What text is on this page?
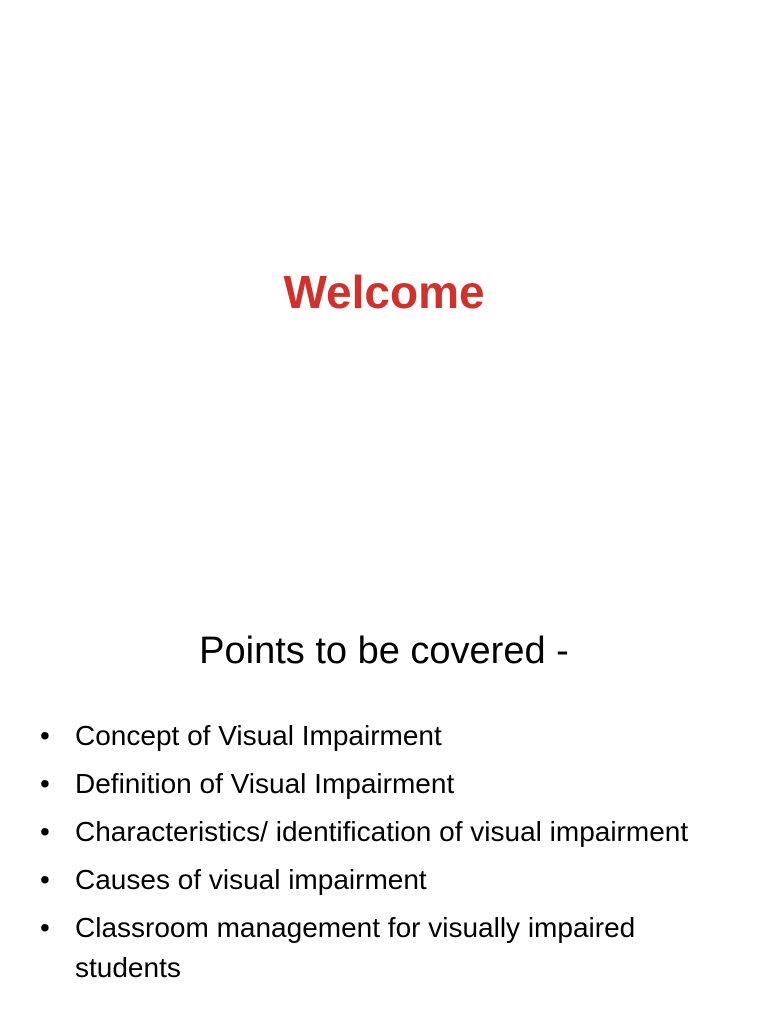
Welcome
Points to be covered -
• Concept of Visual Impairment
• Definition of Visual Impairment
• Characteristics/ identification of visual impairment
• Causes of visual impairment
• Classroom management for visually impaired students
